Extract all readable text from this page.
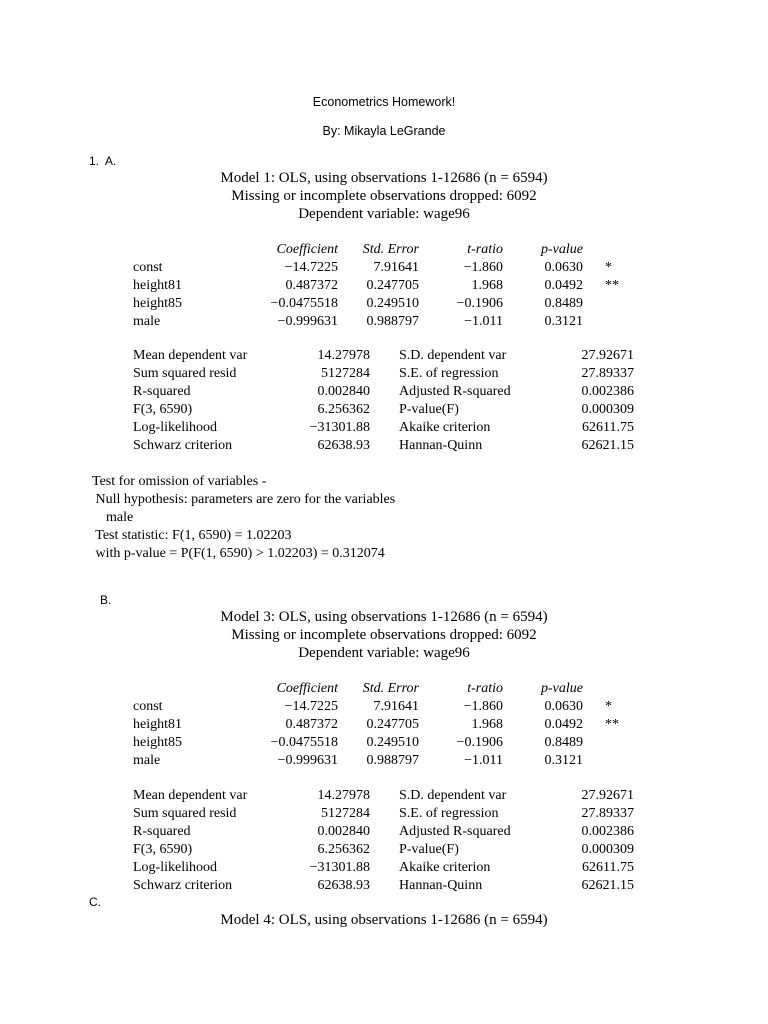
Econometrics Homework!
By: Mikayla LeGrande
1.  A.
Model 1: OLS, using observations 1-12686 (n = 6594)
Missing or incomplete observations dropped: 6092
Dependent variable: wage96
Coefficient	Std. Error	t-ratio	p-value
const	−14.7225	7.91641	−1.860	0.0630 *
height81	0.487372	0.247705	1.968	0.0492 **
height85	−0.0475518	0.249510	−0.1906	0.8489
male	−0.999631	0.988797	−1.011	0.3121
Mean dependent var	14.27978 S.D. dependent var	27.92671
Sum squared resid	5127284 S.E. of regression	27.89337
R-squared	0.002840 Adjusted R-squared	0.002386
F(3, 6590)	6.256362 P-value(F)	0.000309
Log-likelihood	−31301.88 Akaike criterion	62611.75
Schwarz criterion	62638.93 Hannan-Quinn	62621.15
Test for omission of variables -
Null hypothesis: parameters are zero for the variables
male
Test statistic: F(1, 6590) = 1.02203
with p-value = P(F(1, 6590) > 1.02203) = 0.312074
B.
Model 3: OLS, using observations 1-12686 (n = 6594)
Missing or incomplete observations dropped: 6092
Dependent variable: wage96
Coefficient	Std. Error	t-ratio	p-value
const	−14.7225	7.91641	−1.860	0.0630 *
height81	0.487372	0.247705	1.968	0.0492 **
height85	−0.0475518	0.249510	−0.1906	0.8489
male	−0.999631	0.988797	−1.011	0.3121
Mean dependent var	14.27978 S.D. dependent var	27.92671
Sum squared resid	5127284 S.E. of regression	27.89337
R-squared	0.002840 Adjusted R-squared	0.002386
F(3, 6590)	6.256362 P-value(F)	0.000309
Log-likelihood	−31301.88 Akaike criterion	62611.75
Schwarz criterion	62638.93 Hannan-Quinn	62621.15
C.
Model 4: OLS, using observations 1-12686 (n = 6594)
